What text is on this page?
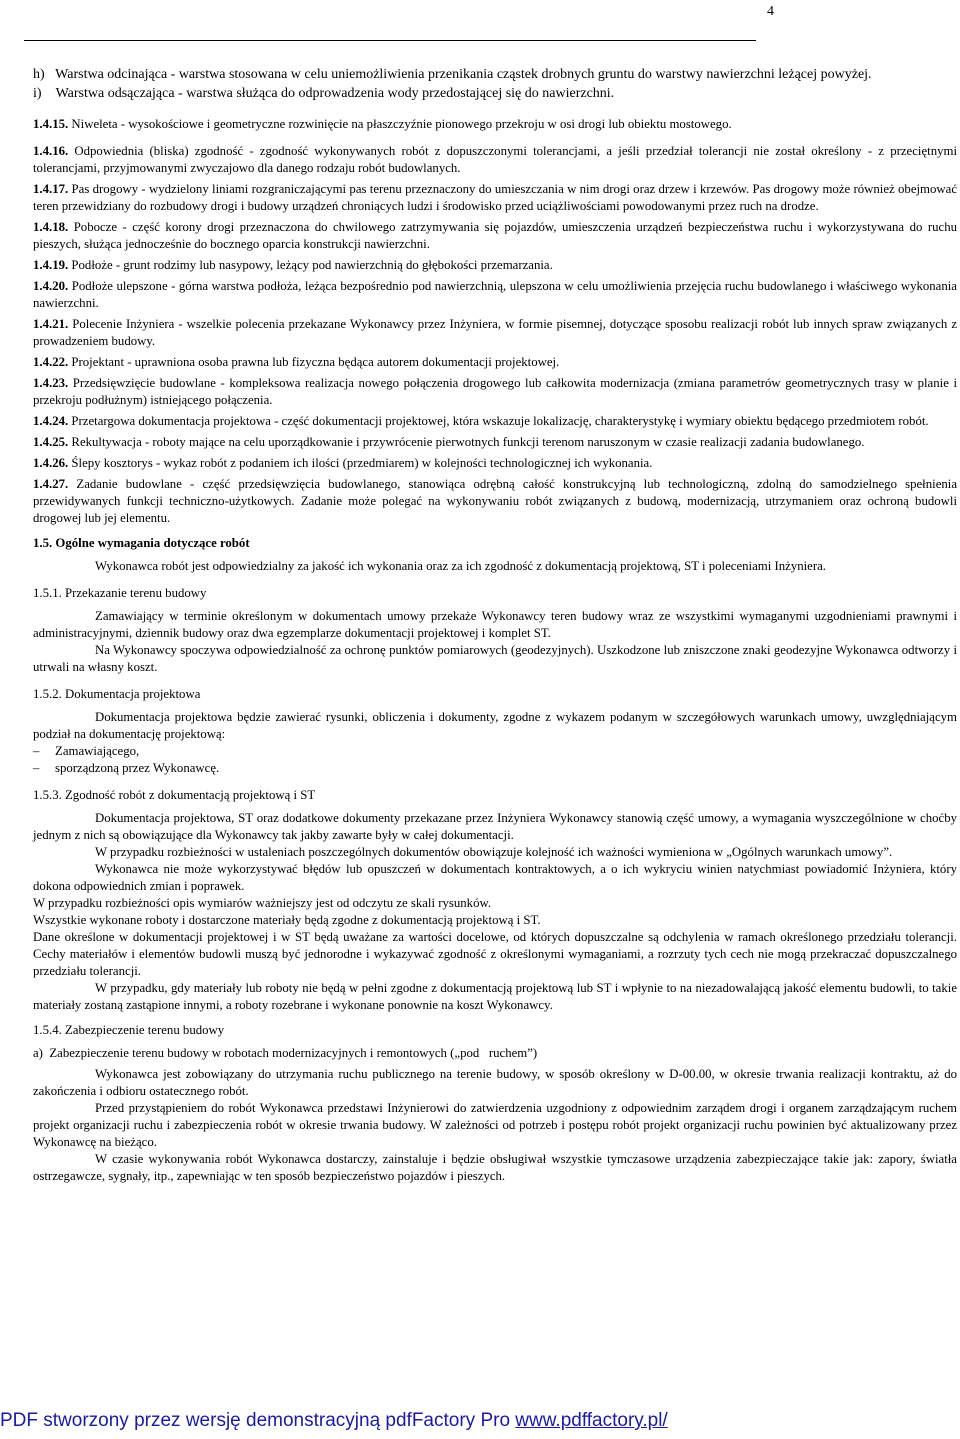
4

h) Warstwa odcinająca - warstwa stosowana w celu uniemożliwienia przenikania cząstek drobnych gruntu do warstwy nawierzchni leżącej powyżej.

i) Warstwa odsączająca - warstwa służąca do odprowadzenia wody przedostającej się do nawierzchni.

1.4.15. Niweleta - wysokościowe i geometryczne rozwinięcie na płaszczyźnie pionowego przekroju w osi drogi lub obiektu mostowego.

1.4.16. Odpowiednia (bliska) zgodność - zgodność wykonywanych robót z dopuszczonymi tolerancjami, a jeśli przedział tolerancji nie został określony - z przeciętnymi tolerancjami, przyjmowanymi zwyczajowo dla danego rodzaju robót budowlanych.

1.4.17. Pas drogowy - wydzielony liniami rozgraniczającymi pas terenu przeznaczony do umieszczania w nim drogi oraz drzew i krzewów. Pas drogowy może również obejmować teren przewidziany do rozbudowy drogi i budowy urządzeń chroniących ludzi i środowisko przed uciążliwościami powodowanymi przez ruch na drodze.

1.4.18. Pobocze - część korony drogi przeznaczona do chwilowego zatrzymywania się pojazdów, umieszczenia urządzeń bezpieczeństwa ruchu i wykorzystywana do ruchu pieszych, służąca jednocześnie do bocznego oparcia konstrukcji nawierzchni.

1.4.19. Podłoże - grunt rodzimy lub nasypowy, leżący pod nawierzchnią do głębokości przemarzania.

1.4.20. Podłoże ulepszone - górna warstwa podłoża, leżąca bezpośrednio pod nawierzchnią, ulepszona w celu umożliwienia przejęcia ruchu budowlanego i właściwego wykonania nawierzchni.

1.4.21. Polecenie Inżyniera - wszelkie polecenia przekazane Wykonawcy przez Inżyniera, w formie pisemnej, dotyczące sposobu realizacji robót lub innych spraw związanych z prowadzeniem budowy.

1.4.22. Projektant - uprawniona osoba prawna lub fizyczna będąca autorem dokumentacji projektowej.

1.4.23. Przedsięwzięcie budowlane - kompleksowa realizacja nowego połączenia drogowego lub całkowita modernizacja (zmiana parametrów geometrycznych trasy w planie i przekroju podłużnym) istniejącego połączenia.

1.4.24. Przetargowa dokumentacja projektowa - część dokumentacji projektowej, która wskazuje lokalizację, charakterystykę i wymiary obiektu będącego przedmiotem robót.

1.4.25. Rekultywacja - roboty mające na celu uporządkowanie i przywrócenie pierwotnych funkcji terenom naruszonym w czasie realizacji zadania budowlanego.

1.4.26. Ślepy kosztorys - wykaz robót z podaniem ich ilości (przedmiarem) w kolejności technologicznej ich wykonania.

1.4.27. Zadanie budowlane - część przedsięwzięcia budowlanego, stanowiąca odrębną całość konstrukcyjną lub technologiczną, zdolną do samodzielnego spełnienia przewidywanych funkcji techniczno-użytkowych. Zadanie może polegać na wykonywaniu robót związanych z budową, modernizacją, utrzymaniem oraz ochroną budowli drogowej lub jej elementu.

1.5. Ogólne wymagania dotyczące robót

Wykonawca robót jest odpowiedzialny za jakość ich wykonania oraz za ich zgodność z dokumentacją projektową, ST i poleceniami Inżyniera.

1.5.1. Przekazanie terenu budowy

Zamawiający w terminie określonym w dokumentach umowy przekaże Wykonawcy teren budowy wraz ze wszystkimi wymaganymi uzgodnieniami prawnymi i administracyjnymi, dziennik budowy oraz dwa egzemplarze dokumentacji projektowej i komplet ST.

Na Wykonawcy spoczywa odpowiedzialność za ochronę punktów pomiarowych (geodezyjnych). Uszkodzone lub zniszczone znaki geodezyjne Wykonawca odtworzy i utrwali na własny koszt.

1.5.2. Dokumentacja projektowa

Dokumentacja projektowa będzie zawierać rysunki, obliczenia i dokumenty, zgodne z wykazem podanym w szczegółowych warunkach umowy, uwzględniającym podział na dokumentację projektową:

– Zamawiającego,

– sporządzoną przez Wykonawcę.

1.5.3. Zgodność robót z dokumentacją projektową i ST

Dokumentacja projektowa, ST oraz dodatkowe dokumenty przekazane przez Inżyniera Wykonawcy stanowią część umowy, a wymagania wyszczególnione w choćby jednym z nich są obowiązujące dla Wykonawcy tak jakby zawarte były w całej dokumentacji.

W przypadku rozbieżności w ustaleniach poszczególnych dokumentów obowiązuje kolejność ich ważności wymieniona w „Ogólnych warunkach umowy”.

Wykonawca nie może wykorzystywać błędów lub opuszczeń w dokumentach kontraktowych, a o ich wykryciu winien natychmiast powiadomić Inżyniera, który dokona odpowiednich zmian i poprawek.

W przypadku rozbieżności opis wymiarów ważniejszy jest od odczytu ze skali rysunków.

Wszystkie wykonane roboty i dostarczone materiały będą zgodne z dokumentacją projektową i ST.

Dane określone w dokumentacji projektowej i w ST będą uważane za wartości docelowe, od których dopuszczalne są odchylenia w ramach określonego przedziału tolerancji. Cechy materiałów i elementów budowli muszą być jednorodne i wykazywać zgodność z określonymi wymaganiami, a rozrzuty tych cech nie mogą przekraczać dopuszczalnego przedziału tolerancji.

W przypadku, gdy materiały lub roboty nie będą w pełni zgodne z dokumentacją projektową lub ST i wpłynie to na niezadowalającą jakość elementu budowli, to takie materiały zostaną zastąpione innymi, a roboty rozebrane i wykonane ponownie na koszt Wykonawcy.

1.5.4. Zabezpieczenie terenu budowy

a)  Zabezpieczenie terenu budowy w robotach modernizacyjnych i remontowych („pod   ruchem”)

Wykonawca jest zobowiązany do utrzymania ruchu publicznego na terenie budowy, w sposób określony w D-00.00, w okresie trwania realizacji kontraktu, aż do zakończenia i odbioru ostatecznego robót.

Przed przystąpieniem do robót Wykonawca przedstawi Inżynierowi do zatwierdzenia uzgodniony z odpowiednim zarządem drogi i organem zarządzającym ruchem projekt organizacji ruchu i zabezpieczenia robót w okresie trwania budowy. W zależności od potrzeb i postępu robót projekt organizacji ruchu powinien być aktualizowany przez Wykonawcę na bieżąco.

W czasie wykonywania robót Wykonawca dostarczy, zainstaluje i będzie obsługiwał wszystkie tymczasowe urządzenia zabezpieczające takie jak: zapory, światła ostrzegawcze, sygnały, itp., zapewniając w ten sposób bezpieczeństwo pojazdów i pieszych.

PDF stworzony przez wersję demonstracyjną pdfFactory Pro www.pdffactory.pl/
